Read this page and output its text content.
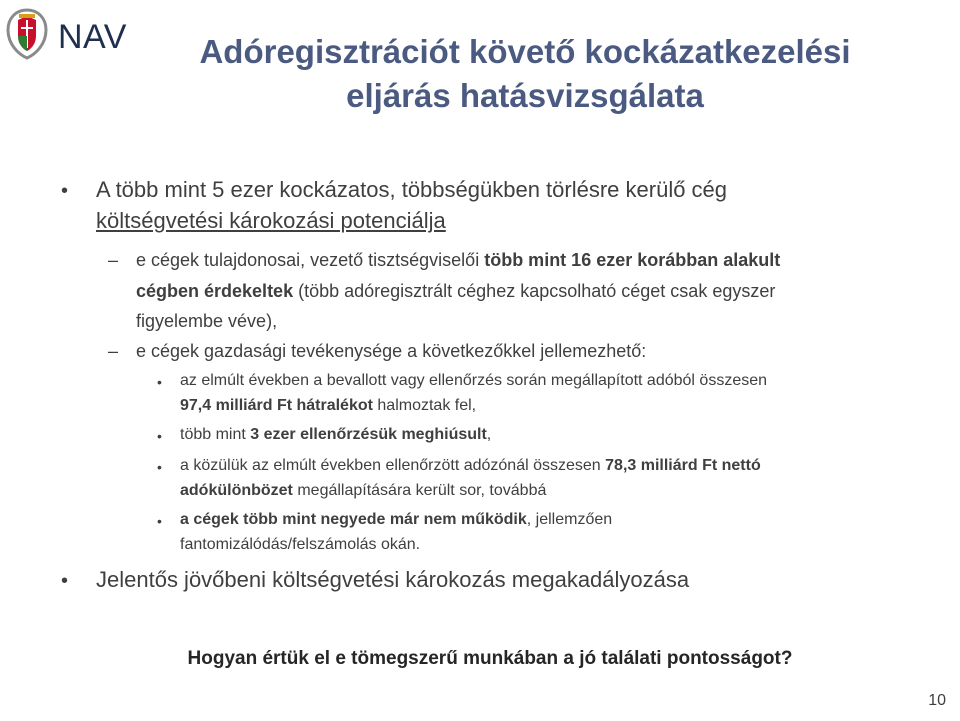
NAV	Adóregisztrációt követő kockázatkezelési
eljárás hatásvizsgálata
• A több mint 5 ezer kockázatos, többségükben törlésre kerülő cég
költségvetési károkozási potenciálja
– e cégek tulajdonosai, vezető tisztségviselői több mint 16 ezer korábban alakult
cégben érdekeltek (több adóregisztrált céghez kapcsolható céget csak egyszer
figyelembe véve),
– e cégek gazdasági tevékenysége a következőkkel jellemezhető:
• az elmúlt években a bevallott vagy ellenőrzés során megállapított adóból összesen
97,4 milliárd Ft hátralékot halmoztak fel,
• több mint 3 ezer ellenőrzésük meghiúsult,
• a közülük az elmúlt években ellenőrzött adózónál összesen 78,3 milliárd Ft nettó
adókülönbözet megállapítására került sor, továbbá
• a cégek több mint negyede már nem működik, jellemzően
fantomizálódás/felszámolás okán.
• Jelentős jövőbeni költségvetési károkozás megakadályozása
Hogyan értük el e tömegszerű munkában a jó találati pontosságot?
10
